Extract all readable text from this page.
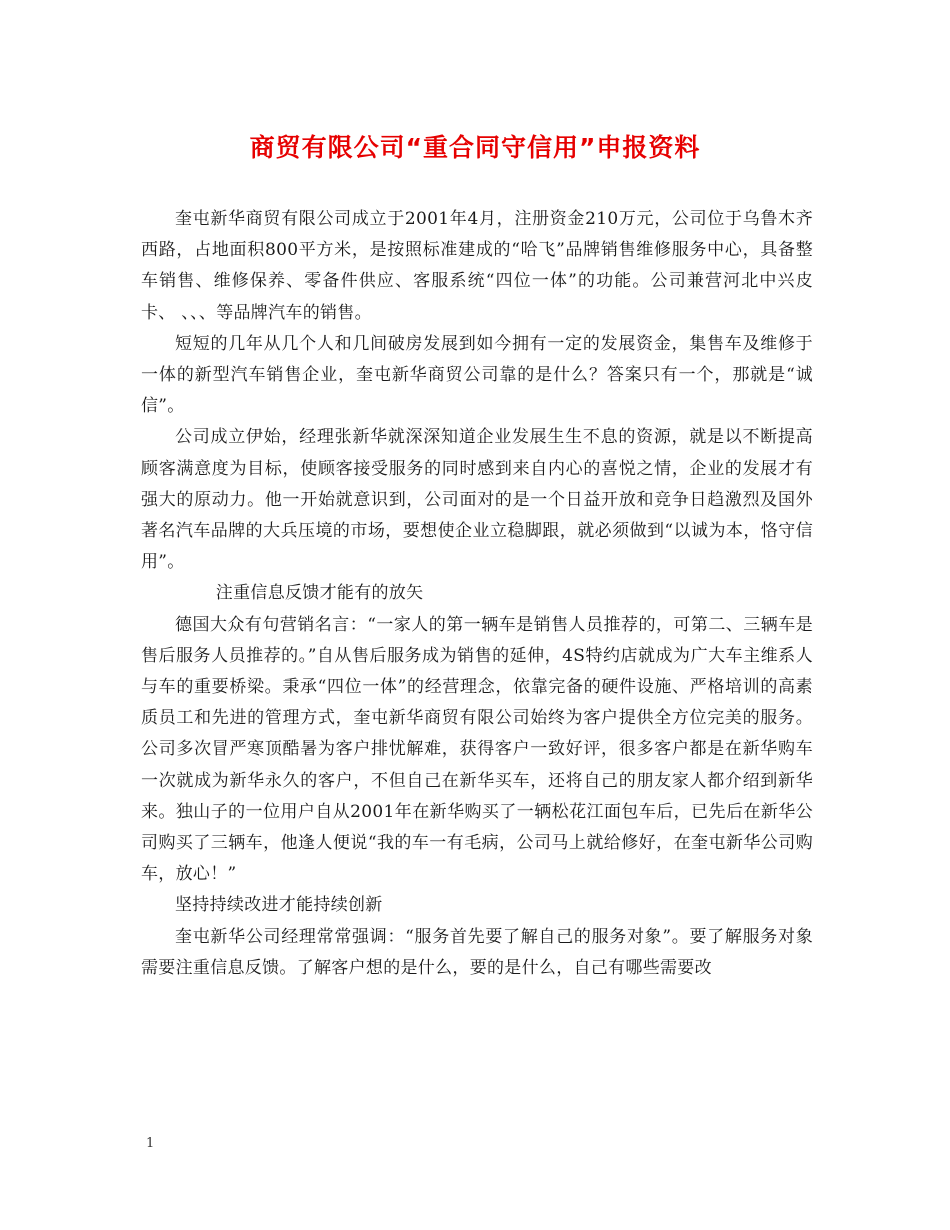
商贸有限公司“重合同守信用”申报资料

奎屯新华商贸有限公司成立于2001年4月，注册资金210万元，公司位于乌鲁木齐西路，占地面积800平方米，是按照标准建成的“哈飞”品牌销售维修服务中心，具备整车销售、维修保养、零备件供应、客服系统“四位一体”的功能。公司兼营河北中兴皮卡、 、、、等品牌汽车的销售。

短短的几年从几个人和几间破房发展到如今拥有一定的发展资金，集售车及维修于一体的新型汽车销售企业，奎屯新华商贸公司靠的是什么？答案只有一个，那就是“诚信”。

公司成立伊始，经理张新华就深深知道企业发展生生不息的资源，就是以不断提高顾客满意度为目标，使顾客接受服务的同时感到来自内心的喜悦之情，企业的发展才有强大的原动力。他一开始就意识到，公司面对的是一个日益开放和竞争日趋激烈及国外著名汽车品牌的大兵压境的市场，要想使企业立稳脚跟，就必须做到“以诚为本，恪守信用”。

注重信息反馈才能有的放矢

德国大众有句营销名言：“一家人的第一辆车是销售人员推荐的，可第二、三辆车是售后服务人员推荐的。”自从售后服务成为销售的延伸，4S特约店就成为广大车主维系人与车的重要桥梁。秉承“四位一体”的经营理念，依靠完备的硬件设施、严格培训的高素质员工和先进的管理方式，奎屯新华商贸有限公司始终为客户提供全方位完美的服务。公司多次冒严寒顶酷暑为客户排忧解难，获得客户一致好评，很多客户都是在新华购车一次就成为新华永久的客户，不但自己在新华买车，还将自己的朋友家人都介绍到新华来。独山子的一位用户自从2001年在新华购买了一辆松花江面包车后，已先后在新华公司购买了三辆车，他逢人便说“我的车一有毛病，公司马上就给修好，在奎屯新华公司购车，放心！”

坚持持续改进才能持续创新

奎屯新华公司经理常常强调：“服务首先要了解自己的服务对象”。要了解服务对象需要注重信息反馈。了解客户想的是什么，要的是什么，自己有哪些需要改

1
